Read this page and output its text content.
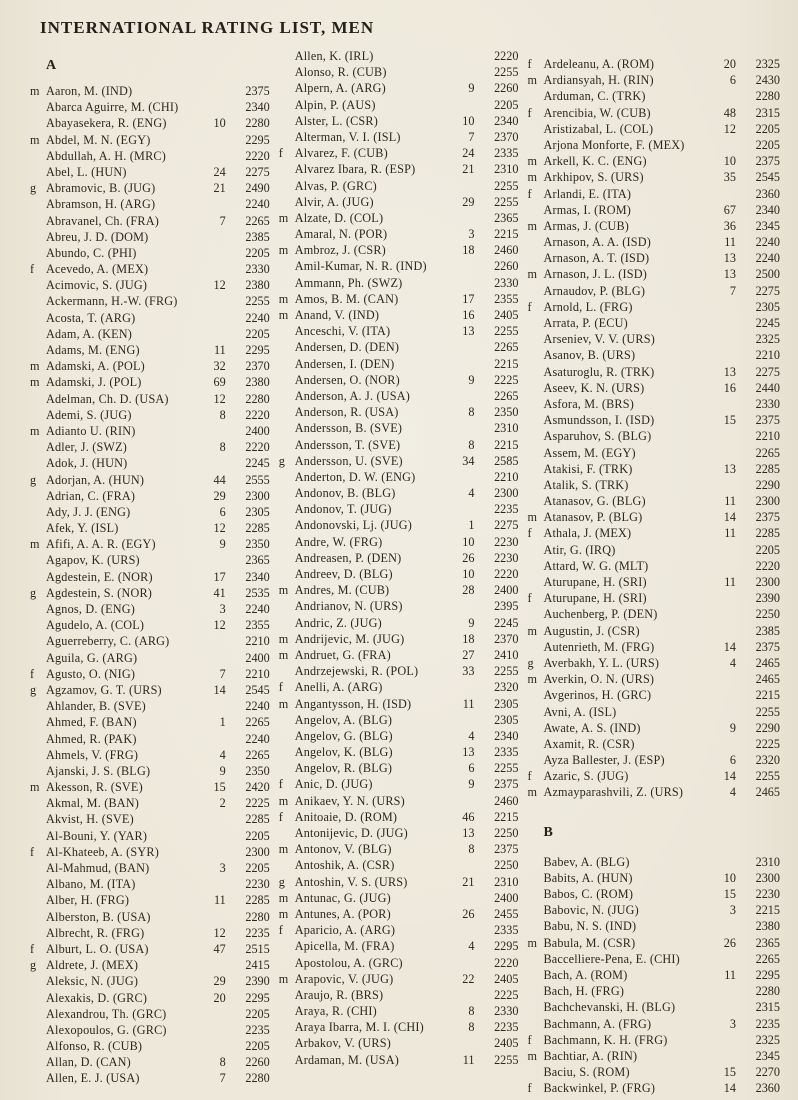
INTERNATIONAL RATING LIST, MEN
A
m Aaron, M. (IND)	2375
Abarca Aguirre, M. (CHI)	2340
Abayasekera, R. (ENG)	10	2280
m Abdel, M. N. (EGY)	2295
Abdullah, A. H. (MRC)	2220
Abel, L. (HUN)	24	2275
g Abramovic, B. (JUG)	21	2490
Abramson, H. (ARG)	2240
Abravanel, Ch. (FRA)	7	2265
Abreu, J. D. (DOM)	2385
Abundo, C. (PHI)	2205
f Acevedo, A. (MEX)	2330
Acimovic, S. (JUG)	12	2380
Ackermann, H.-W. (FRG)	2255
Acosta, T. (ARG)	2240
Adam, A. (KEN)	2205
Adams, M. (ENG)	11	2295
m Adamski, A. (POL)	32	2370
m Adamski, J. (POL)	69	2380
Adelman, Ch. D. (USA)	12	2280
Ademi, S. (JUG)	8	2220
m Adianto U. (RIN)	2400
Adler, J. (SWZ)	8	2220
Adok, J. (HUN)	2245
g Adorjan, A. (HUN)	44	2555
Adrian, C. (FRA)	29	2300
Ady, J. J. (ENG)	6	2305
Afek, Y. (ISL)	12	2285
m Afifi, A. A. R. (EGY)	9	2350
Agapov, K. (URS)	2365
Agdestein, E. (NOR)	17	2340
g Agdestein, S. (NOR)	41	2535
Agnos, D. (ENG)	3	2240
Agudelo, A. (COL)	12	2355
Aguerreberry, C. (ARG)	2210
Aguila, G. (ARG)	2400
f Agusto, O. (NIG)	7	2210
g Agzamov, G. T. (URS)	14	2545
Ahlander, B. (SVE)	2240
Ahmed, F. (BAN)	1	2265
Ahmed, R. (PAK)	2240
Ahmels, V. (FRG)	4	2265
Ajanski, J. S. (BLG)	9	2350
m Akesson, R. (SVE)	15	2420
Akmal, M. (BAN)	2	2225
Akvist, H. (SVE)	2285
Al-Bouni, Y. (YAR)	2205
f Al-Khateeb, A. (SYR)	2300
Al-Mahmud, (BAN)	3	2205
Albano, M. (ITA)	2230
Alber, H. (FRG)	11	2285
Alberston, B. (USA)	2280
Albrecht, R. (FRG)	12	2235
f Alburt, L. O. (USA)	47	2515
g Aldrete, J. (MEX)	2415
Aleksic, N. (JUG)	29	2390
Alexakis, D. (GRC)	20	2295
Alexandrou, Th. (GRC)	2205
Alexopoulos, G. (GRC)	2235
Alfonso, R. (CUB)	2205
Allan, D. (CAN)	8	2260
Allen, E. J. (USA)	7	2280
Allen, K. (IRL)	2220
Alonso, R. (CUB)	2255
Alpern, A. (ARG)	9	2260
Alpin, P. (AUS)	2205
Alster, L. (CSR)	10	2340
Alterman, V. I. (ISL)	7	2370
f Alvarez, F. (CUB)	24	2335
Alvarez Ibara, R. (ESP)	21	2310
Alvas, P. (GRC)	2255
Alvir, A. (JUG)	29	2255
m Alzate, D. (COL)	2365
Amaral, N. (POR)	3	2215
m Ambroz, J. (CSR)	18	2460
Amil-Kumar, N. R. (IND)	2260
Ammann, Ph. (SWZ)	2330
m Amos, B. M. (CAN)	17	2355
m Anand, V. (IND)	16	2405
Anceschi, V. (ITA)	13	2255
Andersen, D. (DEN)	2265
Andersen, I. (DEN)	2215
Andersen, O. (NOR)	9	2225
Anderson, A. J. (USA)	2265
Anderson, R. (USA)	8	2350
Andersson, B. (SVE)	2310
Andersson, T. (SVE)	8	2215
g Andersson, U. (SVE)	34	2585
Anderton, D. W. (ENG)	2210
Andonov, B. (BLG)	4	2300
Andonov, T. (JUG)	2235
Andonovski, Lj. (JUG)	1	2275
Andre, W. (FRG)	10	2230
Andreasen, P. (DEN)	26	2230
Andreev, D. (BLG)	10	2220
m Andres, M. (CUB)	28	2400
Andrianov, N. (URS)	2395
Andric, Z. (JUG)	9	2245
m Andrijevic, M. (JUG)	18	2370
m Andruet, G. (FRA)	27	2410
Andrzejewski, R. (POL)	33	2255
f Anelli, A. (ARG)	2320
m Angantysson, H. (ISD)	11	2305
Angelov, A. (BLG)	2305
Angelov, G. (BLG)	4	2340
Angelov, K. (BLG)	13	2335
Angelov, R. (BLG)	6	2255
f Anic, D. (JUG)	9	2375
m Anikaev, Y. N. (URS)	2460
f Anitoaie, D. (ROM)	46	2215
Antonijevic, D. (JUG)	13	2250
m Antonov, V. (BLG)	8	2375
Antoshik, A. (CSR)	2250
g Antoshin, V. S. (URS)	21	2310
m Antunac, G. (JUG)	2400
m Antunes, A. (POR)	26	2455
f Aparicio, A. (ARG)	2335
Apicella, M. (FRA)	4	2295
Apostolou, A. (GRC)	2220
m Arapovic, V. (JUG)	22	2405
Araujo, R. (BRS)	2225
Araya, R. (CHI)	8	2330
Araya Ibarra, M. I. (CHI)	8	2235
Arbakov, V. (URS)	2405
Ardaman, M. (USA)	11	2255
f Ardeleanu, A. (ROM)	20	2325
m Ardiansyah, H. (RIN)	6	2430
Arduman, C. (TRK)	2280
f Arencibia, W. (CUB)	48	2315
Aristizabal, L. (COL)	12	2205
Arjona Monforte, F. (MEX)	2205
m Arkell, K. C. (ENG)	10	2375
m Arkhipov, S. (URS)	35	2545
f Arlandi, E. (ITA)	2360
Armas, I. (ROM)	67	2340
m Armas, J. (CUB)	36	2345
Arnason, A. A. (ISD)	11	2240
Arnason, A. T. (ISD)	13	2240
m Arnason, J. L. (ISD)	13	2500
Arnaudov, P. (BLG)	7	2275
f Arnold, L. (FRG)	2305
Arrata, P. (ECU)	2245
Arseniev, V. V. (URS)	2325
Asanov, B. (URS)	2210
Asaturoglu, R. (TRK)	13	2275
Aseev, K. N. (URS)	16	2440
Asfora, M. (BRS)	2330
Asmundsson, I. (ISD)	15	2375
Asparuhov, S. (BLG)	2210
Assem, M. (EGY)	2265
Atakisi, F. (TRK)	13	2285
Atalik, S. (TRK)	2290
Atanasov, G. (BLG)	11	2300
m Atanasov, P. (BLG)	14	2375
f Athala, J. (MEX)	11	2285
Atir, G. (IRQ)	2205
Attard, W. G. (MLT)	2220
Aturupane, H. (SRI)	11	2300
f Aturupane, H. (SRI)	2390
Auchenberg, P. (DEN)	2250
m Augustin, J. (CSR)	2385
Autenrieth, M. (FRG)	14	2375
g Averbakh, Y. L. (URS)	4	2465
m Averkin, O. N. (URS)	2465
Avgerinos, H. (GRC)	2215
Avni, A. (ISL)	2255
Awate, A. S. (IND)	9	2290
Axamit, R. (CSR)	2225
Ayza Ballester, J. (ESP)	6	2320
f Azaric, S. (JUG)	14	2255
m Azmayparashvili, Z. (URS)	4	2465
B
Babev, A. (BLG)	2310
Babits, A. (HUN)	10	2300
Babos, C. (ROM)	15	2230
Babovic, N. (JUG)	3	2215
Babu, N. S. (IND)	2380
m Babula, M. (CSR)	26	2365
Baccelliere-Pena, E. (CHI)	2265
Bach, A. (ROM)	11	2295
Bach, H. (FRG)	2280
Bachchevanski, H. (BLG)	2315
Bachmann, A. (FRG)	3	2235
f Bachmann, K. H. (FRG)	2325
m Bachtiar, A. (RIN)	2345
Baciu, S. (ROM)	15	2270
f Backwinkel, P. (FRG)	14	2360
